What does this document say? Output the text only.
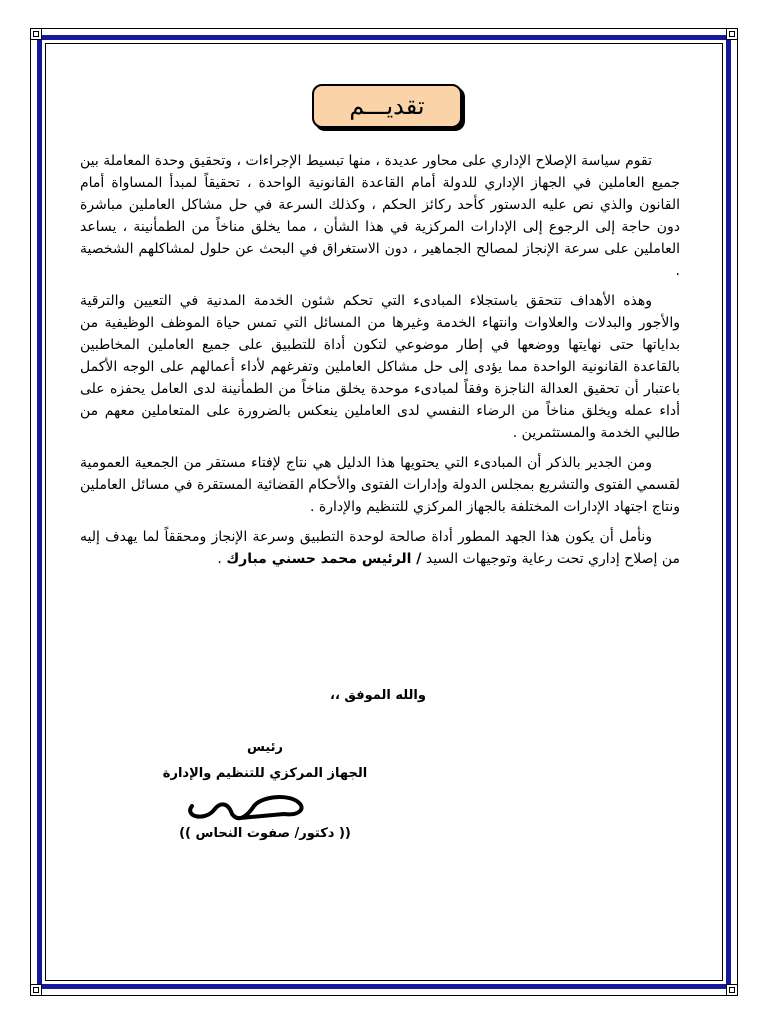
تقديـــم

تقوم سياسة الإصلاح الإداري على محاور عديدة ، منها تبسيط الإجراءات ، وتحقيق وحدة المعاملة بين جميع العاملين في الجهاز الإداري للدولة أمام القاعدة القانونية الواحدة ، تحقيقاً لمبدأ المساواة أمام القانون والذي نص عليه الدستور كأحد ركائز الحكم ، وكذلك السرعة في حل مشاكل العاملين مباشرة دون حاجة إلى الرجوع إلى الإدارات المركزية في هذا الشأن ، مما يخلق مناخاً من الطمأنينة ، يساعد العاملين على سرعة الإنجاز لمصالح الجماهير ، دون الاستغراق في البحث عن حلول لمشاكلهم الشخصية .

وهذه الأهداف تتحقق باستجلاء المبادىء التي تحكم شئون الخدمة المدنية في التعيين والترقية والأجور والبدلات والعلاوات وانتهاء الخدمة وغيرها من المسائل التي تمس حياة الموظف الوظيفية من بداياتها حتى نهايتها ووضعها في إطار موضوعي لتكون أداة للتطبيق على جميع العاملين المخاطبين بالقاعدة القانونية الواحدة مما يؤدى إلى حل مشاكل العاملين وتفرغهم لأداء أعمالهم على الوجه الأكمل باعتبار أن تحقيق العدالة الناجزة وفقاً لمبادىء موحدة يخلق مناخاً من الطمأنينة لدى العامل يحفزه على أداء عمله ويخلق مناخاً من الرضاء النفسي لدى العاملين ينعكس بالضرورة على المتعاملين معهم من طالبي الخدمة والمستثمرين .

ومن الجدير بالذكر أن المبادىء التي يحتويها هذا الدليل هي نتاج لإفتاء مستقر من الجمعية العمومية لقسمي الفتوى والتشريع بمجلس الدولة وإدارات الفتوى والأحكام القضائية المستقرة في مسائل العاملين ونتاج اجتهاد الإدارات المختلفة بالجهاز المركزي للتنظيم والإدارة .

ونأمل أن يكون هذا الجهد المطور أداة صالحة لوحدة التطبيق وسرعة الإنجاز ومحققاً لما يهدف إليه من إصلاح إداري تحت رعاية وتوجيهات السيد / الرئيس محمد حسني مبارك .

والله الموفق ،،
رئيس
الجهاز المركزي للتنظيم والإدارة
(( دكتور/ صفوت النحاس ))
